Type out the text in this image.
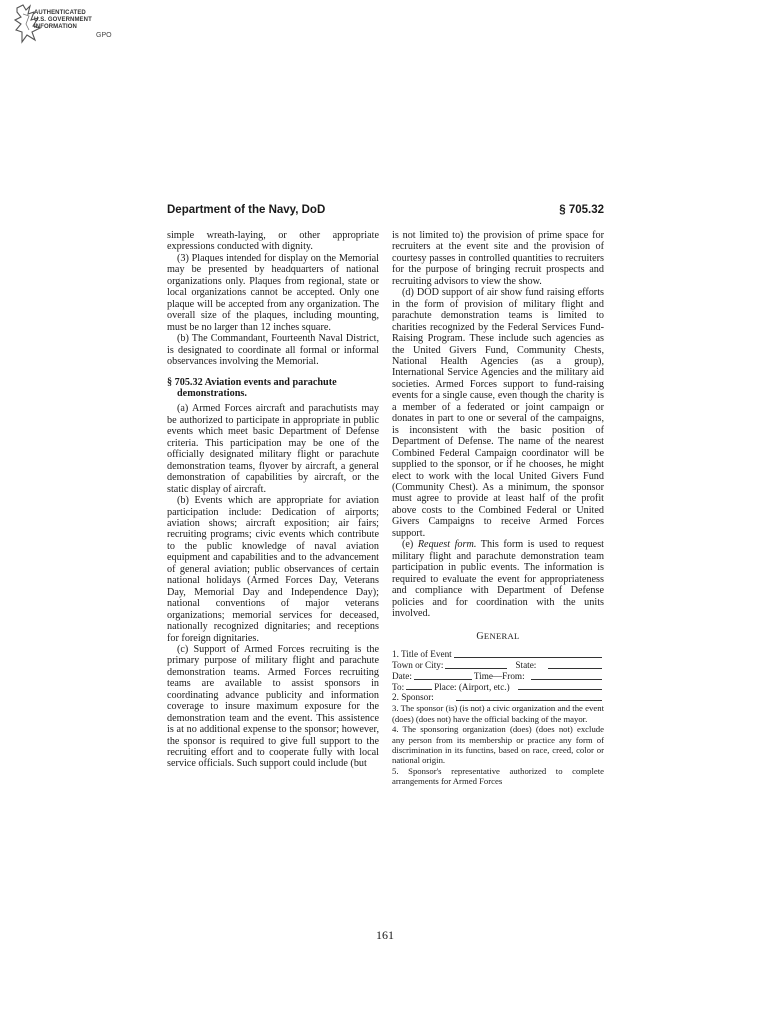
AUTHENTICATED
U.S. GOVERNMENT
INFORMATION
GPO
Department of the Navy, DoD	§ 705.32

simple wreath-laying, or other appropriate expressions conducted with dignity.

(3) Plaques intended for display on the Memorial may be presented by headquarters of national organizations only. Plaques from regional, state or local organizations cannot be accepted. Only one plaque will be accepted from any organization. The overall size of the plaques, including mounting, must be no larger than 12 inches square.

(b) The Commandant, Fourteenth Naval District, is designated to coordinate all formal or informal observances involving the Memorial.

§ 705.32 Aviation events and parachute demonstrations.

(a) Armed Forces aircraft and parachutists may be authorized to participate in appropriate in public events which meet basic Department of Defense criteria. This participation may be one of the officially designated military flight or parachute demonstration teams, flyover by aircraft, a general demonstration of capabilities by aircraft, or the static display of aircraft.

(b) Events which are appropriate for aviation participation include: Dedication of airports; aviation shows; aircraft exposition; air fairs; recruiting programs; civic events which contribute to the public knowledge of naval aviation equipment and capabilities and to the advancement of general aviation; public observances of certain national holidays (Armed Forces Day, Veterans Day, Memorial Day and Independence Day); national conventions of major veterans organizations; memorial services for deceased, nationally recognized dignitaries; and receptions for foreign dignitaries.

(c) Support of Armed Forces recruiting is the primary purpose of military flight and parachute demonstration teams. Armed Forces recruiting teams are available to assist sponsors in coordinating advance publicity and information coverage to insure maximum exposure for the demonstration team and the event. This assistence is at no additional expense to the sponsor; however, the sponsor is required to give full support to the recruiting effort and to cooperate fully with local service officials. Such support could include (but

is not limited to) the provision of prime space for recruiters at the event site and the provision of courtesy passes in controlled quantities to recruiters for the purpose of bringing recruit prospects and recruiting advisors to view the show.

(d) DOD support of air show fund raising efforts in the form of provision of military flight and parachute demonstration teams is limited to charities recognized by the Federal Services Fund-Raising Program. These include such agencies as the United Givers Fund, Community Chests, National Health Agencies (as a group), International Service Agencies and the military aid societies. Armed Forces support to fund-raising events for a single cause, even though the charity is a member of a federated or joint campaign or donates in part to one or several of the campaigns, is inconsistent with the basic position of Department of Defense. The name of the nearest Combined Federal Campaign coordinator will be supplied to the sponsor, or if he chooses, he might elect to work with the local United Givers Fund (Community Chest). As a minimum, the sponsor must agree to provide at least half of the profit above costs to the Combined Federal or United Givers Campaigns to receive Armed Forces support.

(e) Request form. This form is used to request military flight and parachute demonstration team participation in public events. The information is required to evaluate the event for appropriateness and compliance with Department of Defense policies and for coordination with the units involved.

GENERAL

1. Title of Event
Town or City:	State:
Date:	Time—From:
To:	Place: (Airport, etc.)
2. Sponsor:
3. The sponsor (is) (is not) a civic organization and the event (does) (does not) have the official backing of the mayor.
4. The sponsoring organization (does) (does not) exclude any person from its membership or practice any form of discrimination in its functins, based on race, creed, color or national origin.
5. Sponsor's representative authorized to complete arrangements for Armed Forces
161
